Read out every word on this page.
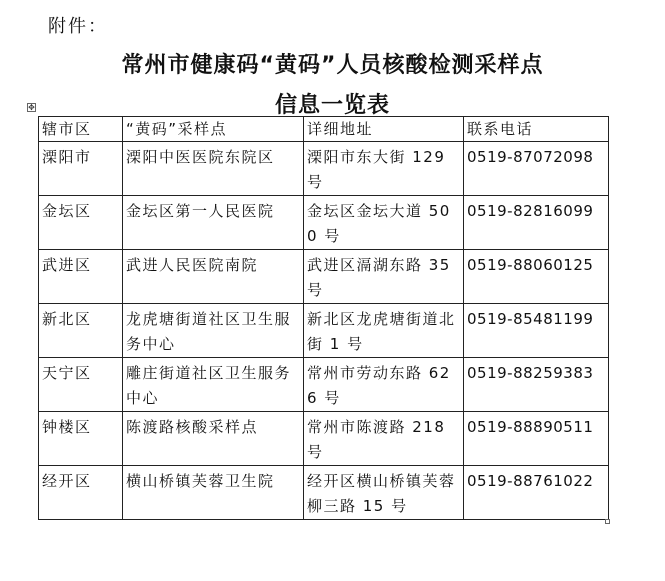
附件：
常州市健康码“黄码”人员核酸检测采样点
信息一览表
✥
辖市区	“黄码”采样点	详细地址	联系电话
溧阳市	溧阳中医医院东院区	溧阳市东大街 129 号	0519-87072098
金坛区	金坛区第一人民医院	金坛区金坛大道 500 号	0519-82816099
武进区	武进人民医院南院	武进区滆湖东路 35 号	0519-88060125
新北区	龙虎塘街道社区卫生服务中心	新北区龙虎塘街道北街 1 号	0519-85481199
天宁区	雕庄街道社区卫生服务中心	常州市劳动东路 626 号	0519-88259383
钟楼区	陈渡路核酸采样点	常州市陈渡路 218 号	0519-88890511
经开区	横山桥镇芙蓉卫生院	经开区横山桥镇芙蓉柳三路 15 号	0519-88761022
